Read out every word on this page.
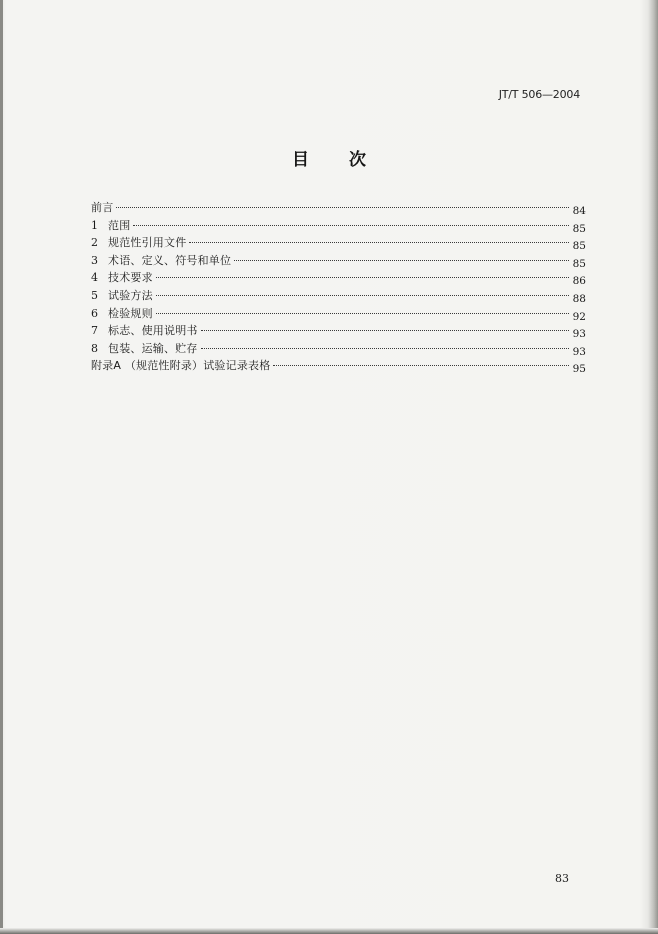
JT/T 506—2004
目次
前言	84
1 范围	85
2 规范性引用文件	85
3 术语、定义、符号和单位	85
4 技术要求	86
5 试验方法	88
6 检验规则	92
7 标志、使用说明书	93
8 包装、运输、贮存	93
附录A （规范性附录）试验记录表格	95
83
